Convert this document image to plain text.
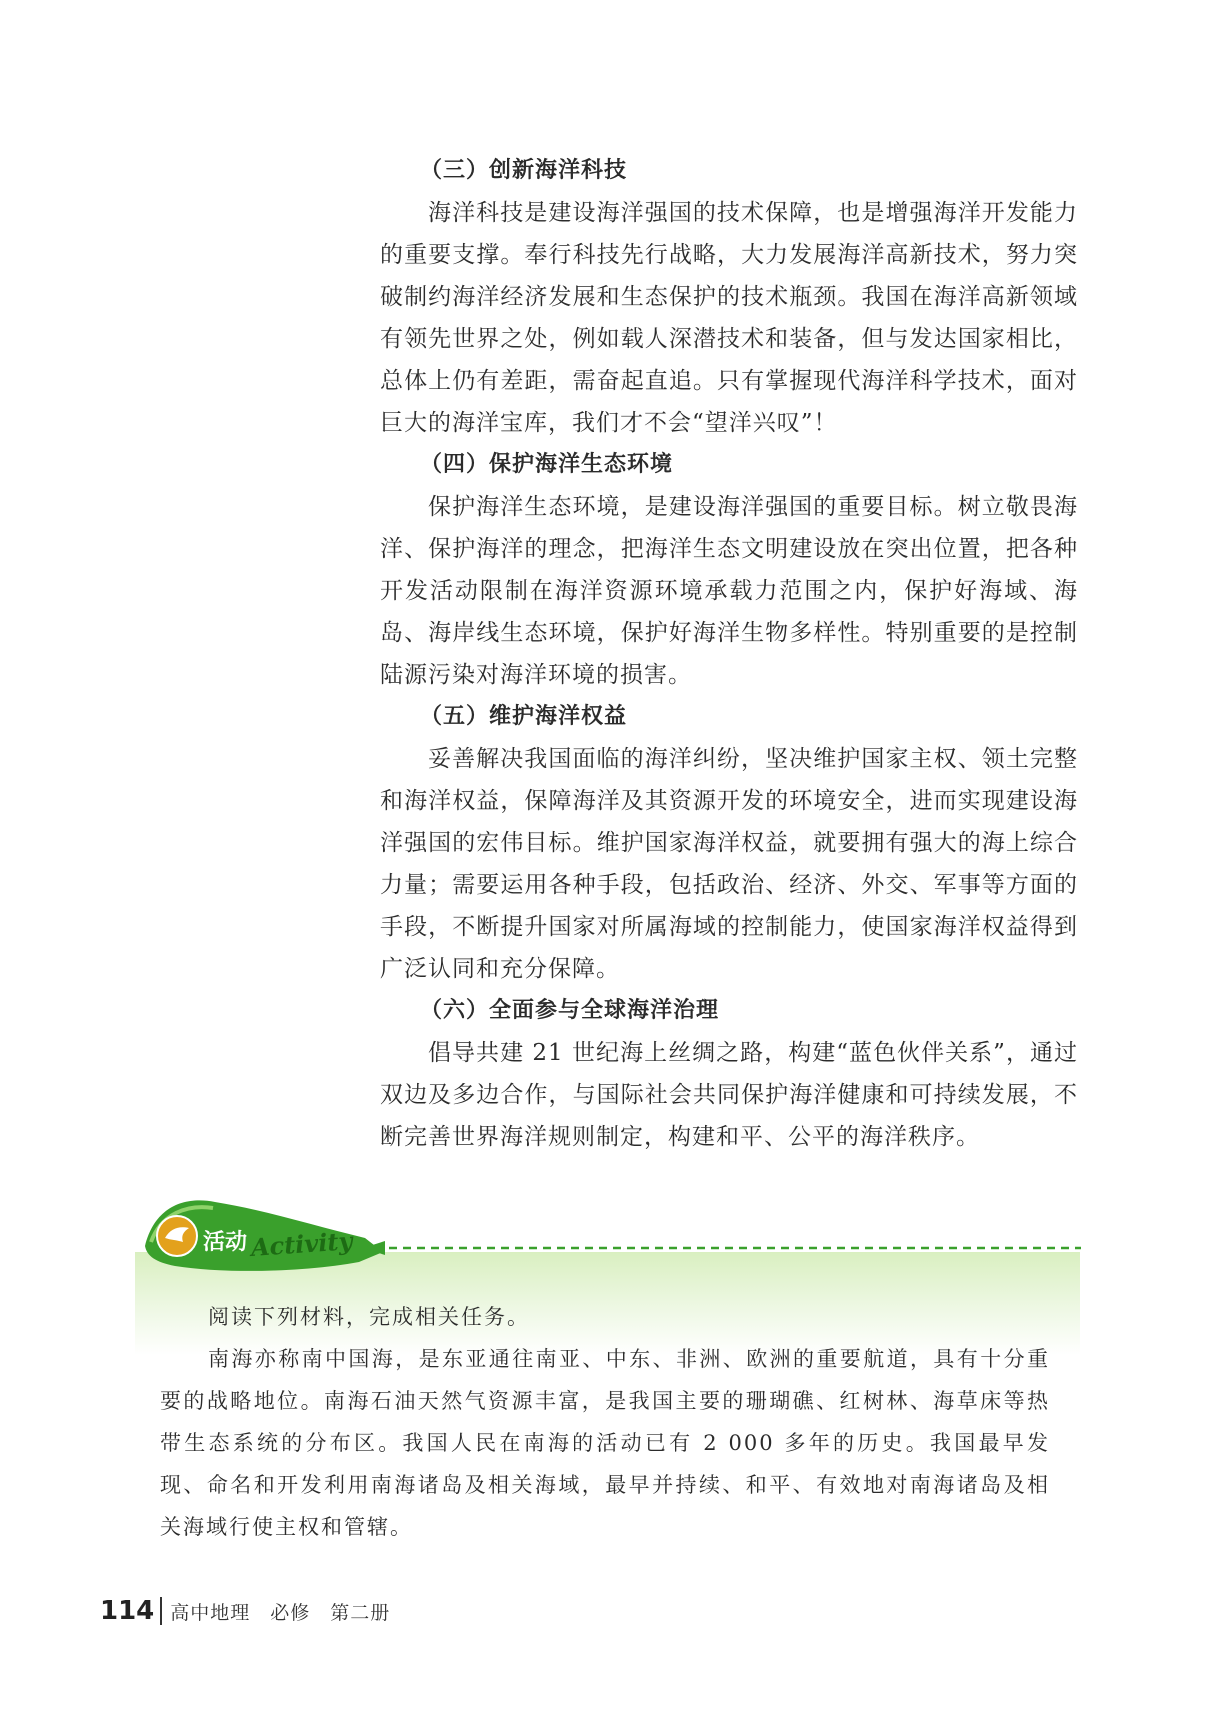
（三）创新海洋科技

海洋科技是建设海洋强国的技术保障，也是增强海洋开发能力的重要支撑。奉行科技先行战略，大力发展海洋高新技术，努力突破制约海洋经济发展和生态保护的技术瓶颈。我国在海洋高新领域有领先世界之处，例如载人深潜技术和装备，但与发达国家相比，总体上仍有差距，需奋起直追。只有掌握现代海洋科学技术，面对巨大的海洋宝库，我们才不会“望洋兴叹”！

（四）保护海洋生态环境

保护海洋生态环境，是建设海洋强国的重要目标。树立敬畏海洋、保护海洋的理念，把海洋生态文明建设放在突出位置，把各种开发活动限制在海洋资源环境承载力范围之内，保护好海域、海岛、海岸线生态环境，保护好海洋生物多样性。特别重要的是控制陆源污染对海洋环境的损害。

（五）维护海洋权益

妥善解决我国面临的海洋纠纷，坚决维护国家主权、领土完整和海洋权益，保障海洋及其资源开发的环境安全，进而实现建设海洋强国的宏伟目标。维护国家海洋权益，就要拥有强大的海上综合力量；需要运用各种手段，包括政治、经济、外交、军事等方面的手段，不断提升国家对所属海域的控制能力，使国家海洋权益得到广泛认同和充分保障。

（六）全面参与全球海洋治理

倡导共建 21 世纪海上丝绸之路，构建“蓝色伙伴关系”，通过双边及多边合作，与国际社会共同保护海洋健康和可持续发展，不断完善世界海洋规则制定，构建和平、公平的海洋秩序。

活动 Activity

阅读下列材料，完成相关任务。

南海亦称南中国海，是东亚通往南亚、中东、非洲、欧洲的重要航道，具有十分重要的战略地位。南海石油天然气资源丰富，是我国主要的珊瑚礁、红树林、海草床等热带生态系统的分布区。我国人民在南海的活动已有 2 000 多年的历史。我国最早发现、命名和开发利用南海诸岛及相关海域，最早并持续、和平、有效地对南海诸岛及相关海域行使主权和管辖。

114 高中地理　必修　第二册
